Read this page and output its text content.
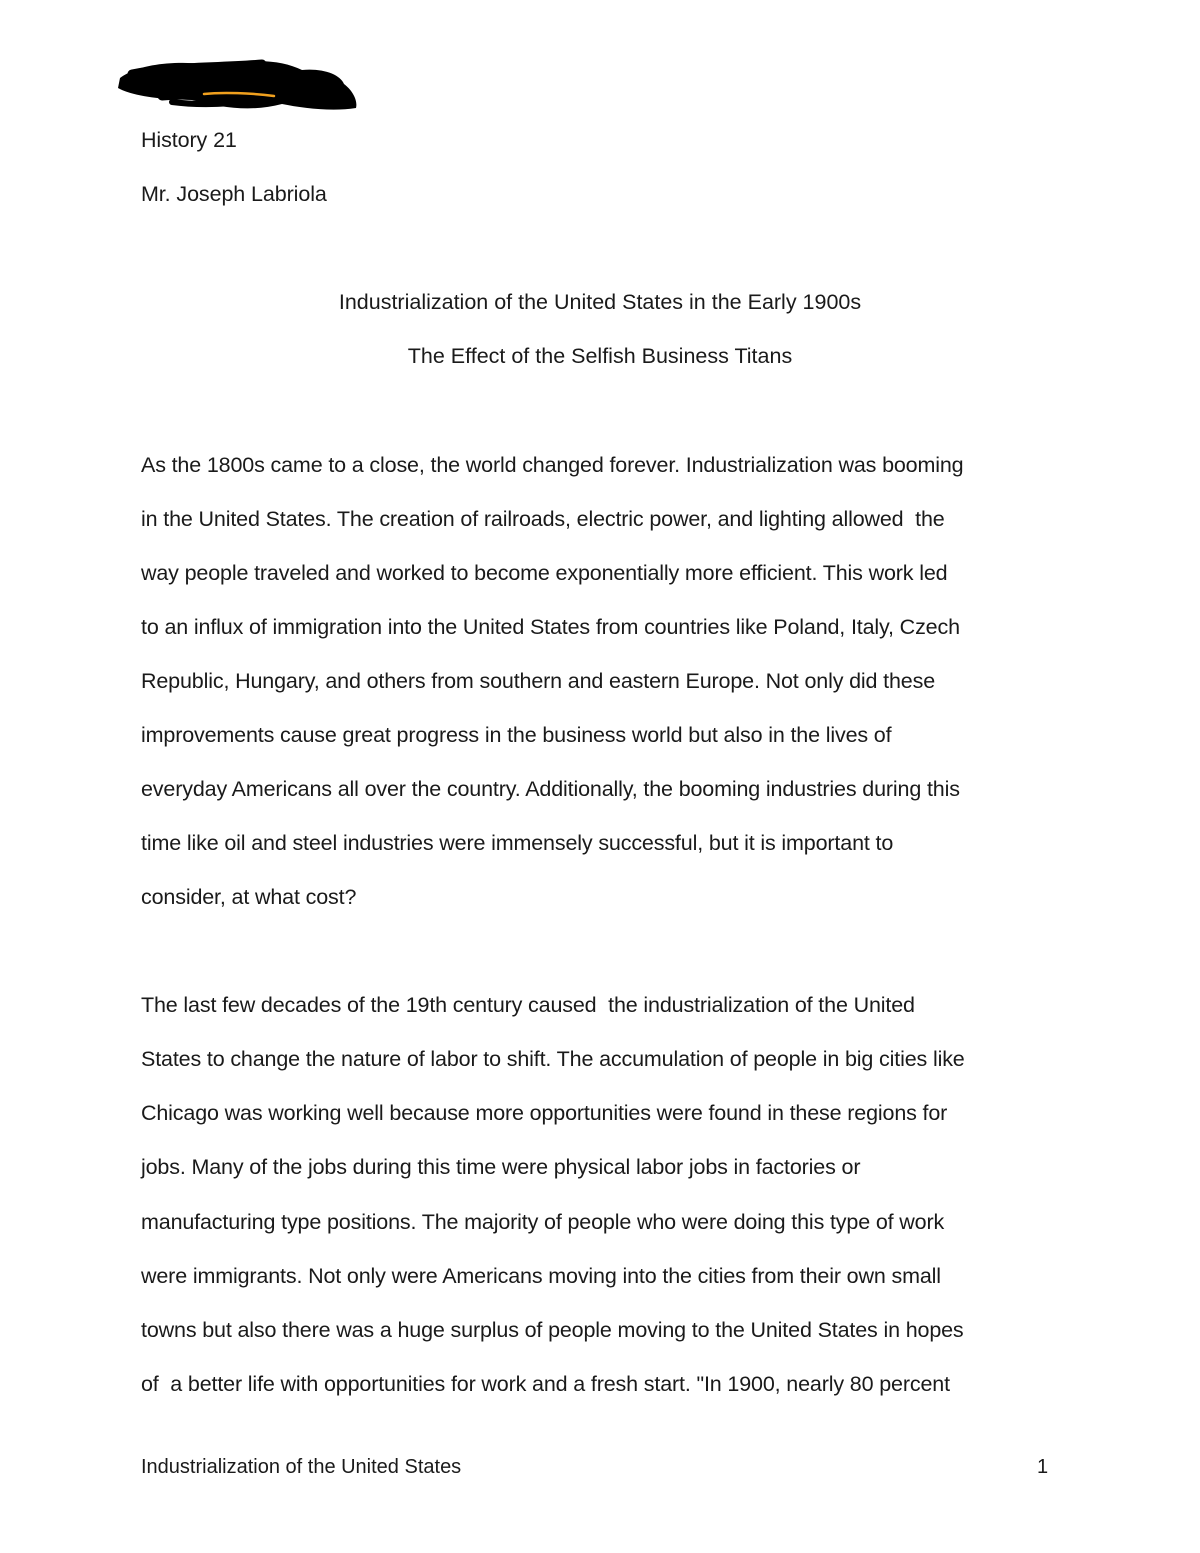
History 21
Mr. Joseph Labriola
Industrialization of the United States in the Early 1900s
The Effect of the Selfish Business Titans
As the 1800s came to a close, the world changed forever. Industrialization was booming
in the United States. The creation of railroads, electric power, and lighting allowed  the
way people traveled and worked to become exponentially more efficient. This work led
to an influx of immigration into the United States from countries like Poland, Italy, Czech
Republic, Hungary, and others from southern and eastern Europe. Not only did these
improvements cause great progress in the business world but also in the lives of
everyday Americans all over the country. Additionally, the booming industries during this
time like oil and steel industries were immensely successful, but it is important to
consider, at what cost?
The last few decades of the 19th century caused  the industrialization of the United
States to change the nature of labor to shift. The accumulation of people in big cities like
Chicago was working well because more opportunities were found in these regions for
jobs. Many of the jobs during this time were physical labor jobs in factories or
manufacturing type positions. The majority of people who were doing this type of work
were immigrants. Not only were Americans moving into the cities from their own small
towns but also there was a huge surplus of people moving to the United States in hopes
of  a better life with opportunities for work and a fresh start. "In 1900, nearly 80 percent
Industrialization of the United States	1
